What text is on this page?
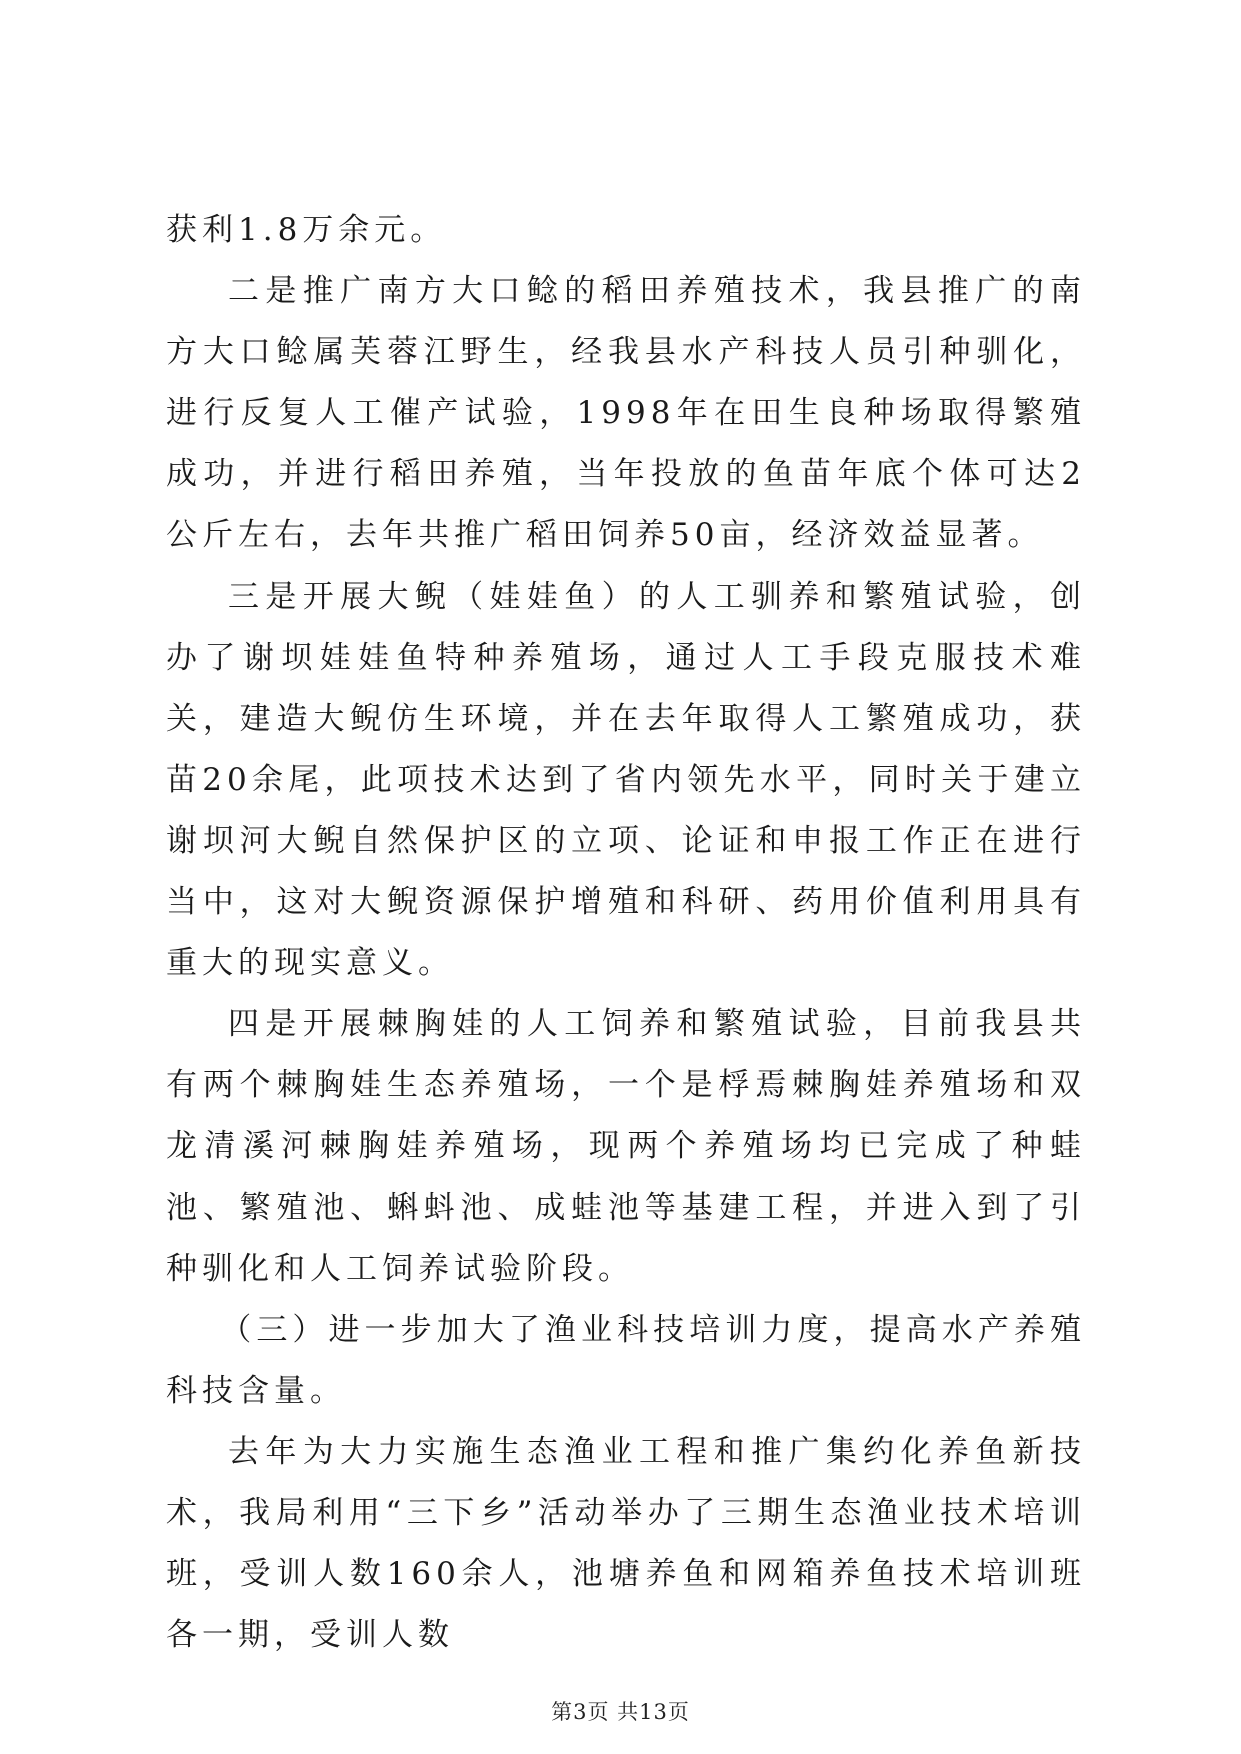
获利1.8万余元。

二是推广南方大口鲶的稻田养殖技术，我县推广的南方大口鲶属芙蓉江野生，经我县水产科技人员引种驯化，进行反复人工催产试验，1998年在田生良种场取得繁殖成功，并进行稻田养殖，当年投放的鱼苗年底个体可达2公斤左右，去年共推广稻田饲养50亩，经济效益显著。

三是开展大鲵（娃娃鱼）的人工驯养和繁殖试验，创办了谢坝娃娃鱼特种养殖场，通过人工手段克服技术难关，建造大鲵仿生环境，并在去年取得人工繁殖成功，获苗20余尾，此项技术达到了省内领先水平，同时关于建立谢坝河大鲵自然保护区的立项、论证和申报工作正在进行当中，这对大鲵资源保护增殖和科研、药用价值利用具有重大的现实意义。

四是开展棘胸娃的人工饲养和繁殖试验，目前我县共有两个棘胸娃生态养殖场，一个是桴焉棘胸娃养殖场和双龙清溪河棘胸娃养殖场，现两个养殖场均已完成了种蛙池、繁殖池、蝌蚪池、成蛙池等基建工程，并进入到了引种驯化和人工饲养试验阶段。

（三）进一步加大了渔业科技培训力度，提高水产养殖科技含量。

去年为大力实施生态渔业工程和推广集约化养鱼新技术，我局利用“三下乡”活动举办了三期生态渔业技术培训班，受训人数160余人，池塘养鱼和网箱养鱼技术培训班各一期，受训人数

第3页 共13页
